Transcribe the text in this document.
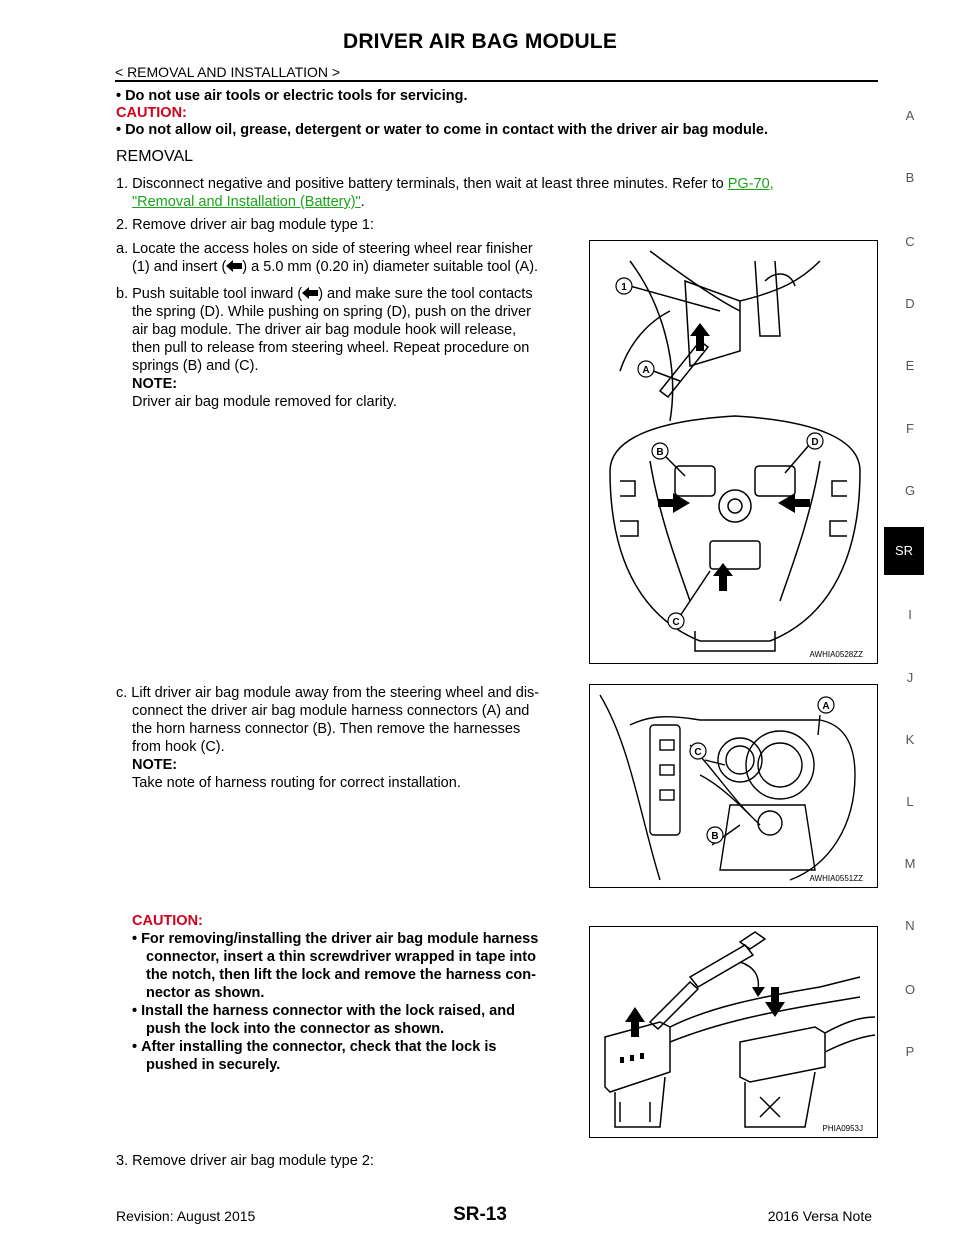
DRIVER AIR BAG MODULE
< REMOVAL AND INSTALLATION >
• Do not use air tools or electric tools for servicing.
CAUTION:
• Do not allow oil, grease, detergent or water to come in contact with the driver air bag module.
REMOVAL
1. Disconnect negative and positive battery terminals, then wait at least three minutes. Refer to PG-70,
"Removal and Installation (Battery)".
2. Remove driver air bag module type 1:
a. Locate the access holes on side of steering wheel rear finisher
(1) and insert ( ) a 5.0 mm (0.20 in) diameter suitable tool (A).
b. Push suitable tool inward ( ) and make sure the tool contacts
the spring (D). While pushing on spring (D), push on the driver
air bag module. The driver air bag module hook will release,
then pull to release from steering wheel. Repeat procedure on
springs (B) and (C).
NOTE:
Driver air bag module removed for clarity.
1
A
B
D
C
AWHIA0528ZZ
c. Lift driver air bag module away from the steering wheel and dis-
connect the driver air bag module harness connectors (A) and
the horn harness connector (B). Then remove the harnesses
from hook (C).
NOTE:
Take note of harness routing for correct installation.
A
C
B
AWHIA0551ZZ
CAUTION:
• For removing/installing the driver air bag module harness
connector, insert a thin screwdriver wrapped in tape into
the notch, then lift the lock and remove the harness con-
nector as shown.
• Install the harness connector with the lock raised, and
push the lock into the connector as shown.
• After installing the connector, check that the lock is
pushed in securely.
PHIA0953J
3. Remove driver air bag module type 2:
A
B
C
D
E
F
G
SR
I
J
K
L
M
N
O
P
Revision: August 2015	SR-13	2016 Versa Note
